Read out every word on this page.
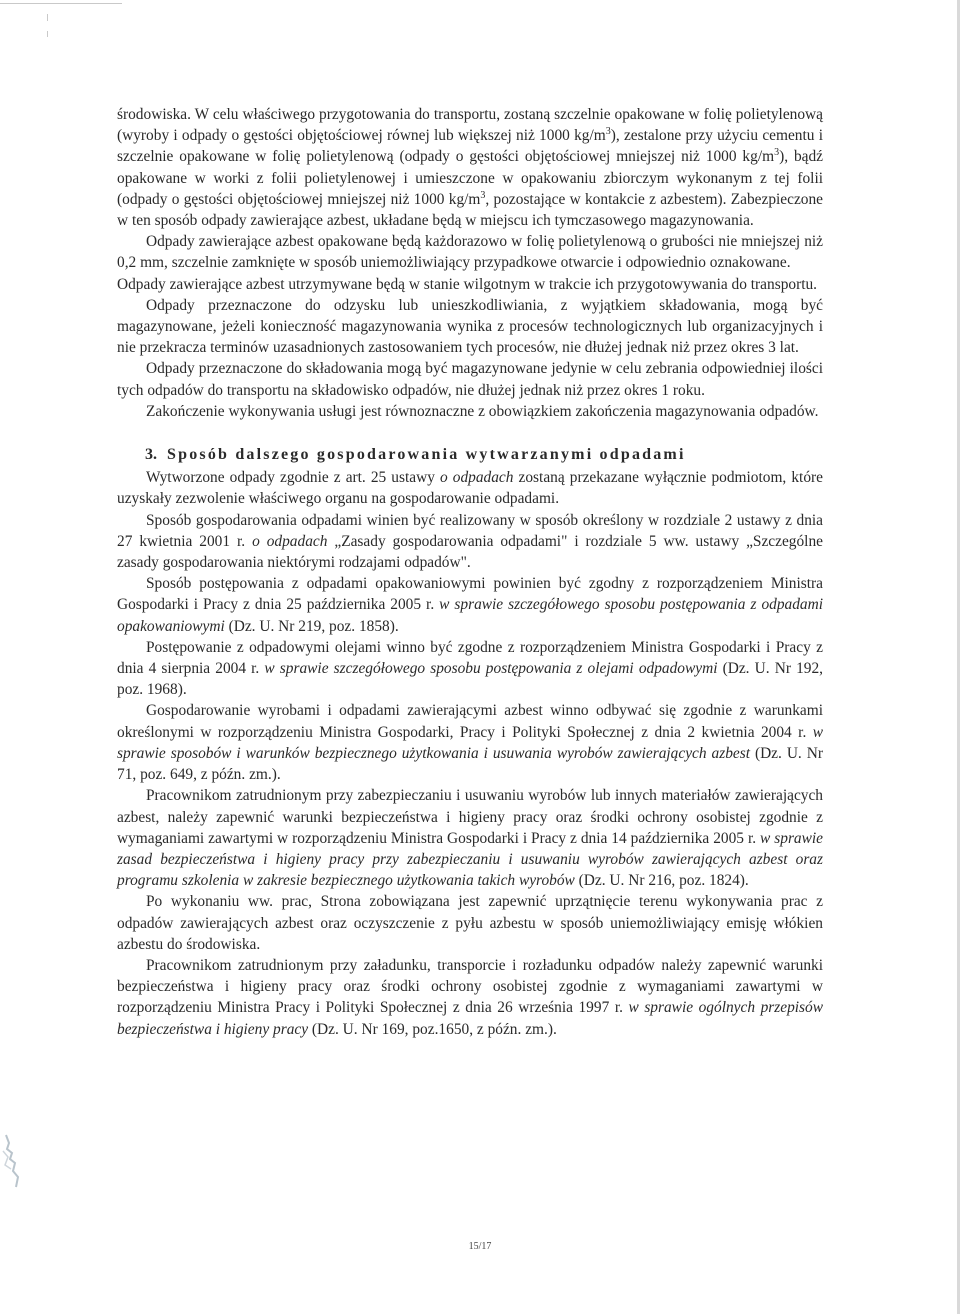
środowiska. W celu właściwego przygotowania do transportu, zostaną szczelnie opakowane w folię polietylenową (wyroby i odpady o gęstości objętościowej równej lub większej niż 1000 $kg/m^3$), zestalone przy użyciu cementu i szczelnie opakowane w folię polietylenową (odpady o gęstości objętościowej mniejszej niż 1000 $kg/m^3$), bądź opakowane w worki z folii polietylenowej i umieszczone w opakowaniu zbiorczym wykonanym z tej folii (odpady o gęstości objętościowej mniejszej niż 1000 $kg/m^3$, pozostające w kontakcie z azbestem). Zabezpieczone w ten sposób odpady zawierające azbest, układane będą w miejscu ich tymczasowego magazynowania.

Odpady zawierające azbest opakowane będą każdorazowo w folię polietylenową o grubości nie mniejszej niż 0,2 mm, szczelnie zamknięte w sposób uniemożliwiający przypadkowe otwarcie i odpowiednio oznakowane.

Odpady zawierające azbest utrzymywane będą w stanie wilgotnym w trakcie ich przygotowywania do transportu.

Odpady przeznaczone do odzysku lub unieszkodliwiania, z wyjątkiem składowania, mogą być magazynowane, jeżeli konieczność magazynowania wynika z procesów technologicznych lub organizacyjnych i nie przekracza terminów uzasadnionych zastosowaniem tych procesów, nie dłużej jednak niż przez okres 3 lat.

Odpady przeznaczone do składowania mogą być magazynowane jedynie w celu zebrania odpowiedniej ilości tych odpadów do transportu na składowisko odpadów, nie dłużej jednak niż przez okres 1 roku.

Zakończenie wykonywania usługi jest równoznaczne z obowiązkiem zakończenia magazynowania odpadów.

3. Sposób dalszego gospodarowania wytwarzanymi odpadami

Wytworzone odpady zgodnie z art. 25 ustawy o odpadach zostaną przekazane wyłącznie podmiotom, które uzyskały zezwolenie właściwego organu na gospodarowanie odpadami.

Sposób gospodarowania odpadami winien być realizowany w sposób określony w rozdziale 2 ustawy z dnia 27 kwietnia 2001 r. o odpadach „Zasady gospodarowania odpadami" i rozdziale 5 ww. ustawy „Szczególne zasady gospodarowania niektórymi rodzajami odpadów".

Sposób postępowania z odpadami opakowaniowymi powinien być zgodny z rozporządzeniem Ministra Gospodarki i Pracy z dnia 25 października 2005 r. w sprawie szczegółowego sposobu postępowania z odpadami opakowaniowymi (Dz. U. Nr 219, poz. 1858).

Postępowanie z odpadowymi olejami winno być zgodne z rozporządzeniem Ministra Gospodarki i Pracy z dnia 4 sierpnia 2004 r. w sprawie szczegółowego sposobu postępowania z olejami odpadowymi (Dz. U. Nr 192, poz. 1968).

Gospodarowanie wyrobami i odpadami zawierającymi azbest winno odbywać się zgodnie z warunkami określonymi w rozporządzeniu Ministra Gospodarki, Pracy i Polityki Społecznej z dnia 2 kwietnia 2004 r. w sprawie sposobów i warunków bezpiecznego użytkowania i usuwania wyrobów zawierających azbest (Dz. U. Nr 71, poz. 649, z późn. zm.).

Pracownikom zatrudnionym przy zabezpieczaniu i usuwaniu wyrobów lub innych materiałów zawierających azbest, należy zapewnić warunki bezpieczeństwa i higieny pracy oraz środki ochrony osobistej zgodnie z wymaganiami zawartymi w rozporządzeniu Ministra Gospodarki i Pracy z dnia 14 października 2005 r. w sprawie zasad bezpieczeństwa i higieny pracy przy zabezpieczaniu i usuwaniu wyrobów zawierających azbest oraz programu szkolenia w zakresie bezpiecznego użytkowania takich wyrobów (Dz. U. Nr 216, poz. 1824).

Po wykonaniu ww. prac, Strona zobowiązana jest zapewnić uprzątnięcie terenu wykonywania prac z odpadów zawierających azbest oraz oczyszczenie z pyłu azbestu w sposób uniemożliwiający emisję włókien azbestu do środowiska.

Pracownikom zatrudnionym przy załadunku, transporcie i rozładunku odpadów należy zapewnić warunki bezpieczeństwa i higieny pracy oraz środki ochrony osobistej zgodnie z wymaganiami zawartymi w rozporządzeniu Ministra Pracy i Polityki Społecznej z dnia 26 września 1997 r. w sprawie ogólnych przepisów bezpieczeństwa i higieny pracy (Dz. U. Nr 169, poz.1650, z późn. zm.).

15/17
